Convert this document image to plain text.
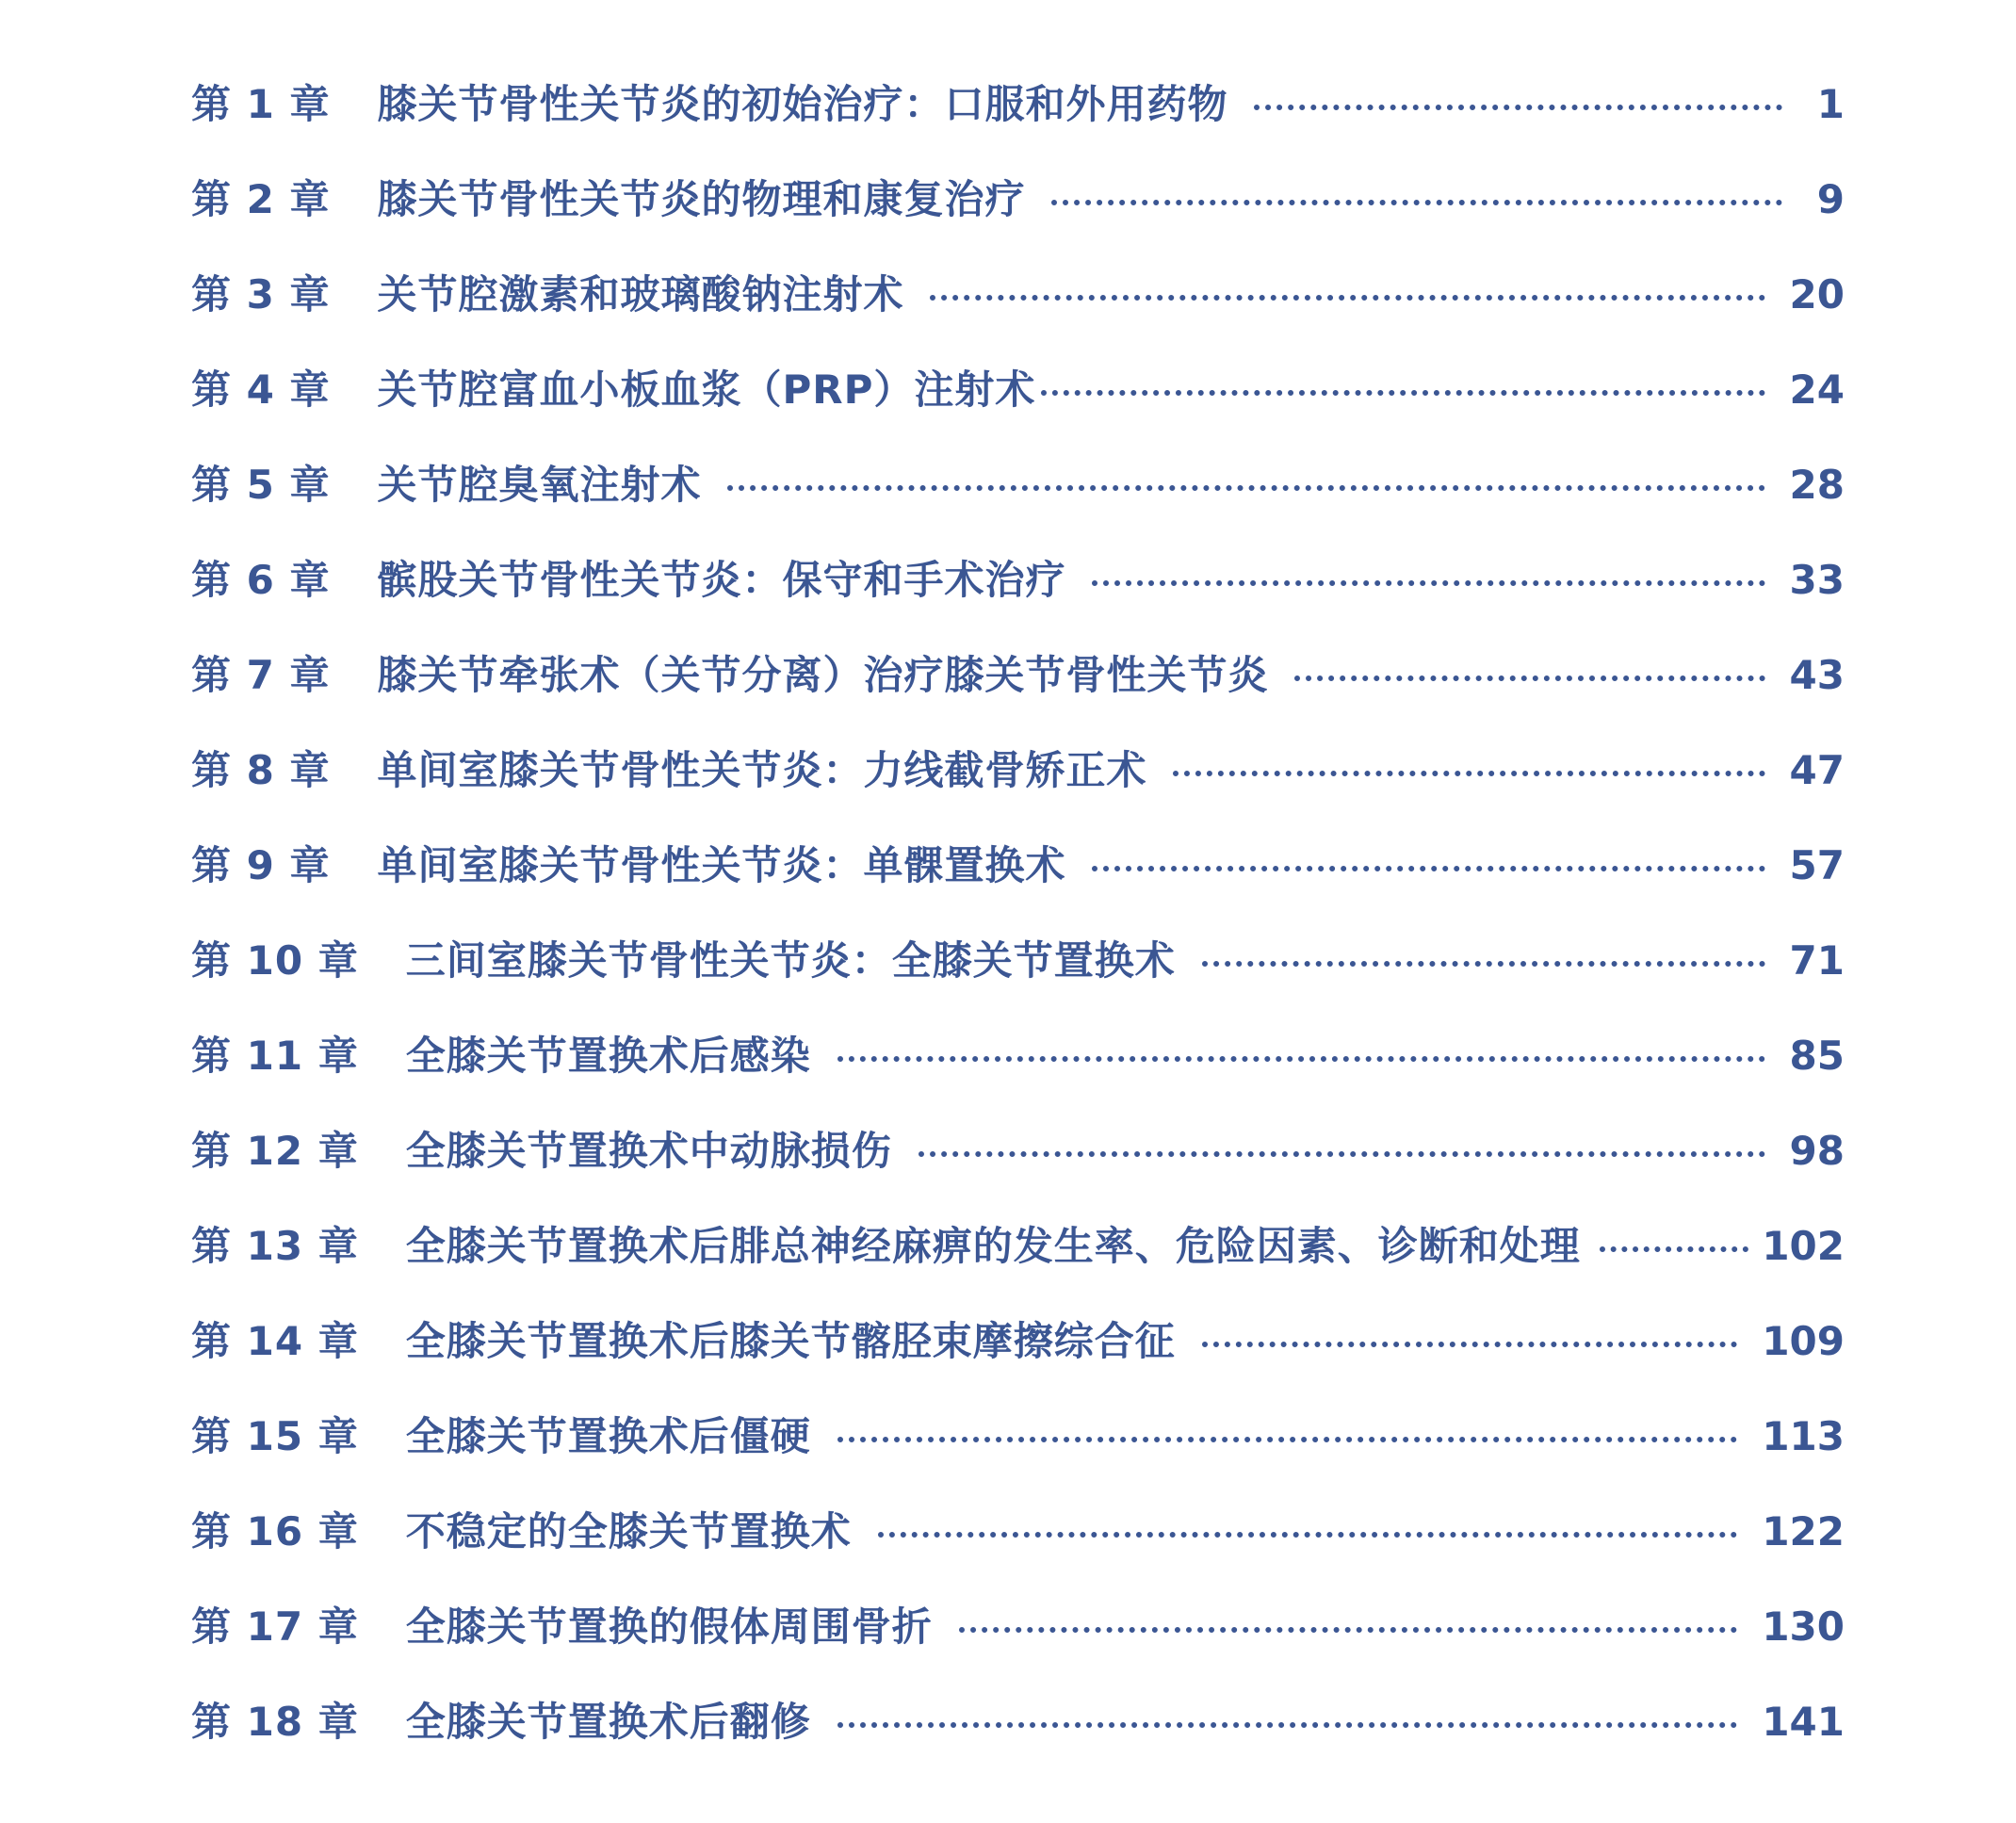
第 1 章 膝关节骨性关节炎的初始治疗：口服和外用药物	1
第 2 章 膝关节骨性关节炎的物理和康复治疗	9
第 3 章 关节腔激素和玻璃酸钠注射术	20
第 4 章 关节腔富血小板血浆（PRP）注射术	24
第 5 章 关节腔臭氧注射术	28
第 6 章 髌股关节骨性关节炎：保守和手术治疗	33
第 7 章 膝关节牵张术（关节分离）治疗膝关节骨性关节炎	43
第 8 章 单间室膝关节骨性关节炎：力线截骨矫正术	47
第 9 章 单间室膝关节骨性关节炎：单髁置换术	57
第 10 章 三间室膝关节骨性关节炎：全膝关节置换术	71
第 11 章 全膝关节置换术后感染	85
第 12 章 全膝关节置换术中动脉损伤	98
第 13 章 全膝关节置换术后腓总神经麻痹的发生率、危险因素、诊断和处理	102
第 14 章 全膝关节置换术后膝关节髂胫束摩擦综合征	109
第 15 章 全膝关节置换术后僵硬	113
第 16 章 不稳定的全膝关节置换术	122
第 17 章 全膝关节置换的假体周围骨折	130
第 18 章 全膝关节置换术后翻修	141
